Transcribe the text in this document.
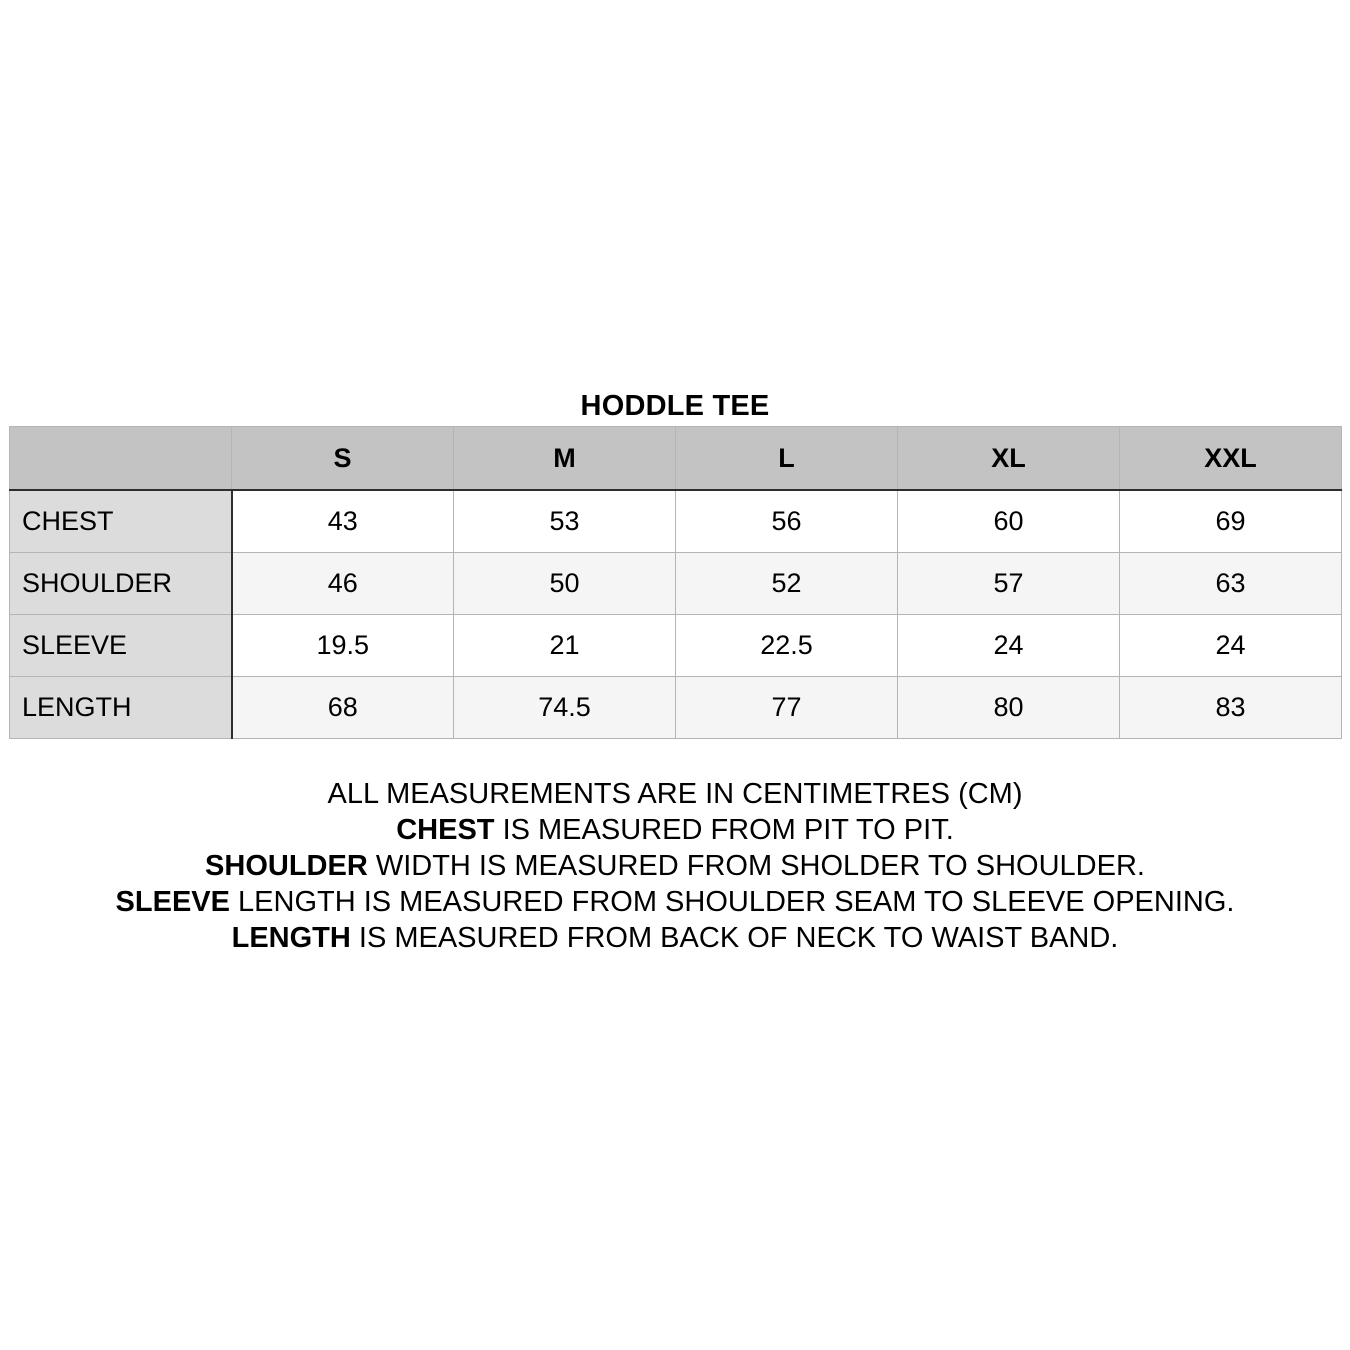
HODDLE TEE
	S	M	L	XL	XXL
CHEST	43	53	56	60	69
SHOULDER	46	50	52	57	63
SLEEVE	19.5	21	22.5	24	24
LENGTH	68	74.5	77	80	83
ALL MEASUREMENTS ARE IN CENTIMETRES (CM)
CHEST IS MEASURED FROM PIT TO PIT.
SHOULDER WIDTH IS MEASURED FROM SHOLDER TO SHOULDER.
SLEEVE LENGTH IS MEASURED FROM SHOULDER SEAM TO SLEEVE OPENING.
LENGTH IS MEASURED FROM BACK OF NECK TO WAIST BAND.
